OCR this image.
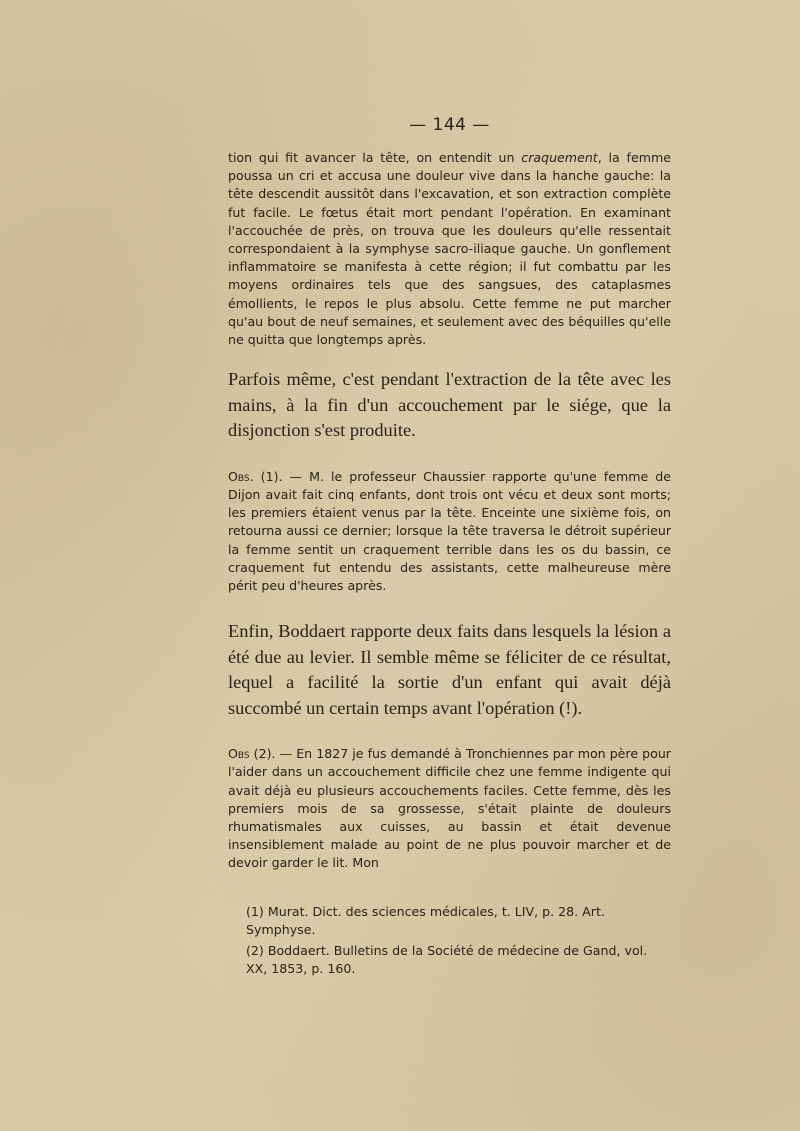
— 144 —

tion qui fit avancer la tête, on entendit un craquement, la femme poussa un cri et accusa une douleur vive dans la hanche gauche: la tête descendit aussitôt dans l'excavation, et son extraction complète fut facile. Le fœtus était mort pendant l'opération. En examinant l'accouchée de près, on trouva que les douleurs qu'elle ressentait correspondaient à la symphyse sacro-iliaque gauche. Un gonflement inflammatoire se manifesta à cette région; il fut combattu par les moyens ordinaires tels que des sangsues, des cataplasmes émollients, le repos le plus absolu. Cette femme ne put marcher qu'au bout de neuf semaines, et seulement avec des béquilles qu'elle ne quitta que longtemps après.

Parfois même, c'est pendant l'extraction de la tête avec les mains, à la fin d'un accouchement par le siége, que la disjonction s'est produite.

Obs. (1). — M. le professeur Chaussier rapporte qu'une femme de Dijon avait fait cinq enfants, dont trois ont vécu et deux sont morts; les premiers étaient venus par la tête. Enceinte une sixième fois, on retourna aussi ce dernier; lorsque la tête traversa le détroit supérieur la femme sentit un craquement terrible dans les os du bassin, ce craquement fut entendu des assistants, cette malheureuse mère périt peu d'heures après.

Enfin, Boddaert rapporte deux faits dans lesquels la lésion a été due au levier. Il semble même se féliciter de ce résultat, lequel a facilité la sortie d'un enfant qui avait déjà succombé un certain temps avant l'opération (!).

Obs (2). — En 1827 je fus demandé à Tronchiennes par mon père pour l'aider dans un accouchement difficile chez une femme indigente qui avait déjà eu plusieurs accouchements faciles. Cette femme, dès les premiers mois de sa grossesse, s'était plainte de douleurs rhumatismales aux cuisses, au bassin et était devenue insensiblement malade au point de ne plus pouvoir marcher et de devoir garder le lit. Mon

(1) Murat. Dict. des sciences médicales, t. LIV, p. 28. Art. Symphyse.

(2) Boddaert. Bulletins de la Société de médecine de Gand, vol. XX, 1853, p. 160.
